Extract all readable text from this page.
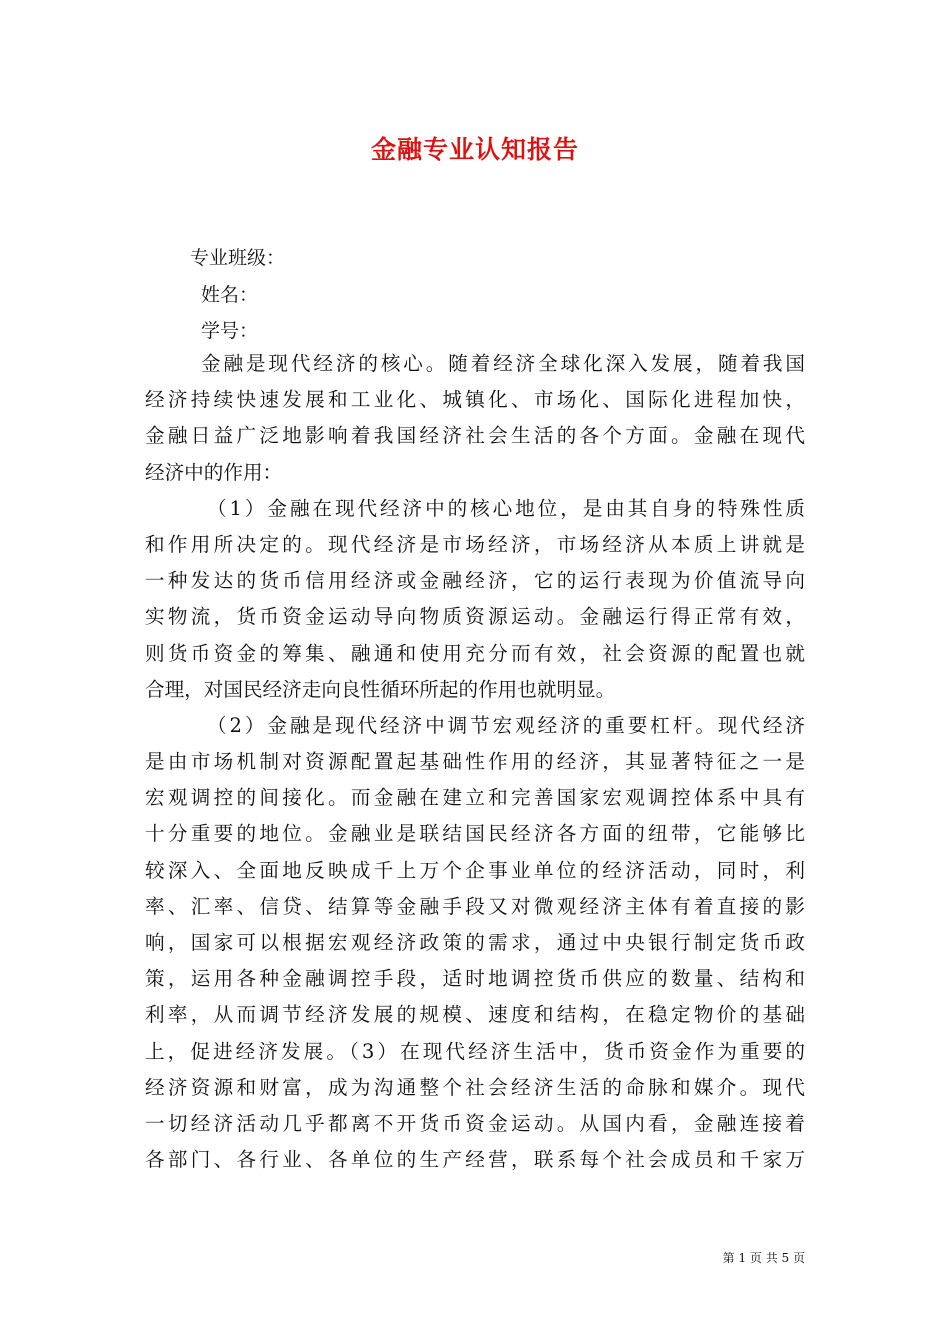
金融专业认知报告
专业班级：
姓名：
学号：
金融是现代经济的核心。随着经济全球化深入发展，随着我国
经济持续快速发展和工业化、城镇化、市场化、国际化进程加快，
金融日益广泛地影响着我国经济社会生活的各个方面。金融在现代
经济中的作用：
（1）金融在现代经济中的核心地位，是由其自身的特殊性质
和作用所决定的。现代经济是市场经济，市场经济从本质上讲就是
一种发达的货币信用经济或金融经济，它的运行表现为价值流导向
实物流，货币资金运动导向物质资源运动。金融运行得正常有效，
则货币资金的筹集、融通和使用充分而有效，社会资源的配置也就
合理，对国民经济走向良性循环所起的作用也就明显。
（2）金融是现代经济中调节宏观经济的重要杠杆。现代经济
是由市场机制对资源配置起基础性作用的经济，其显著特征之一是
宏观调控的间接化。而金融在建立和完善国家宏观调控体系中具有
十分重要的地位。金融业是联结国民经济各方面的纽带，它能够比
较深入、全面地反映成千上万个企事业单位的经济活动，同时，利
率、汇率、信贷、结算等金融手段又对微观经济主体有着直接的影
响，国家可以根据宏观经济政策的需求，通过中央银行制定货币政
策，运用各种金融调控手段，适时地调控货币供应的数量、结构和
利率，从而调节经济发展的规模、速度和结构，在稳定物价的基础
上，促进经济发展。（3）在现代经济生活中，货币资金作为重要的
经济资源和财富，成为沟通整个社会经济生活的命脉和媒介。现代
一切经济活动几乎都离不开货币资金运动。从国内看，金融连接着
各部门、各行业、各单位的生产经营，联系每个社会成员和千家万
第 1 页 共 5 页
